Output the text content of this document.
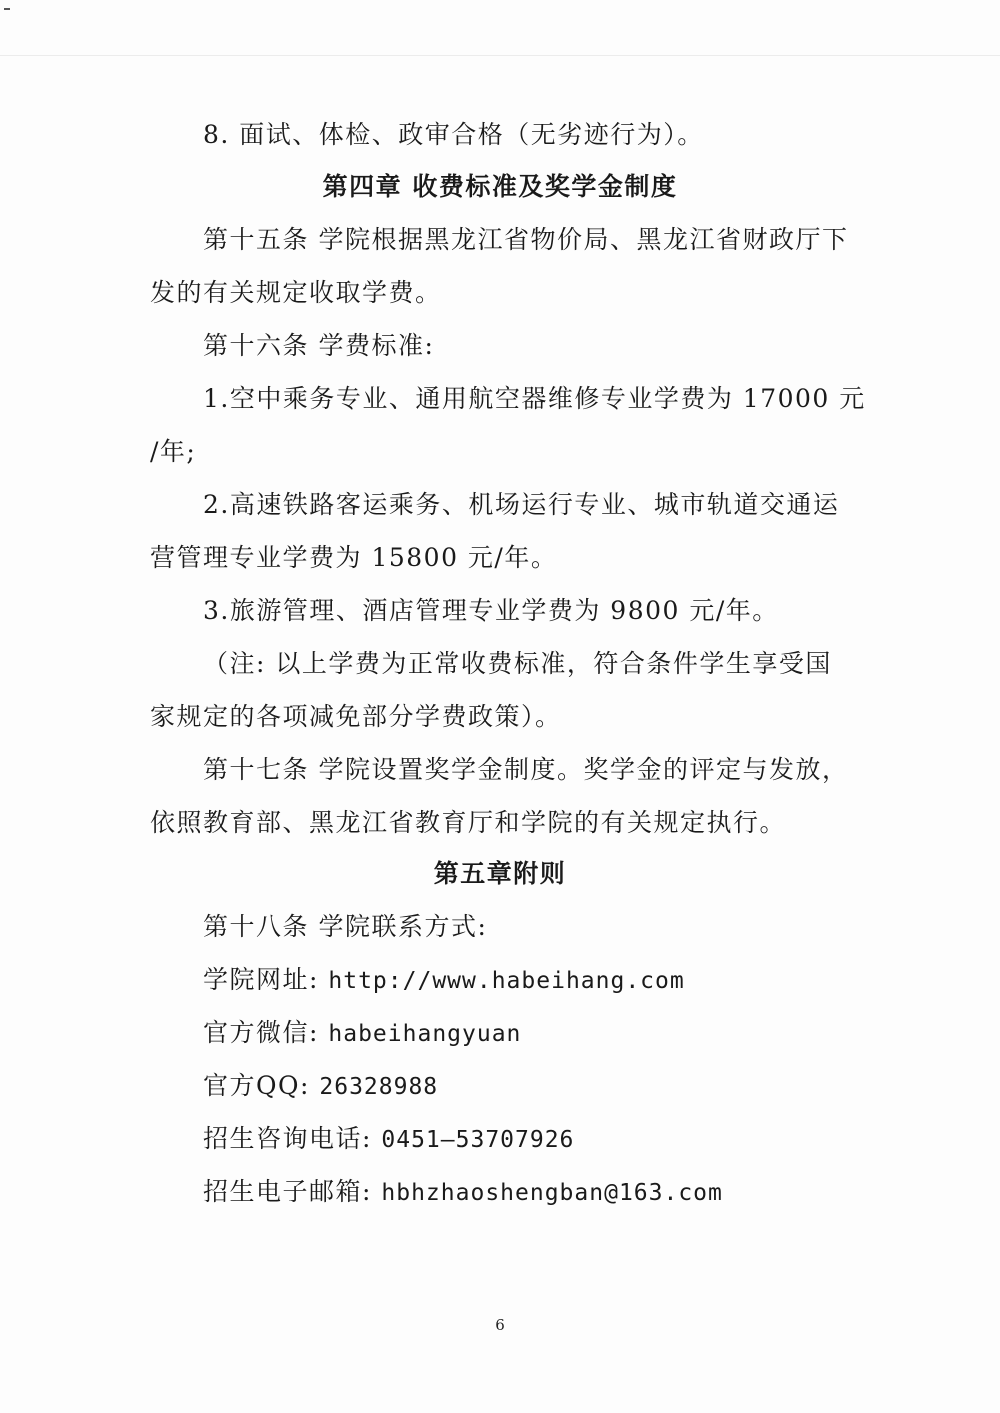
8. 面试、体检、政审合格（无劣迹行为）。
第四章 收费标准及奖学金制度
第十五条 学院根据黑龙江省物价局、黑龙江省财政厅下
发的有关规定收取学费。
第十六条 学费标准:
1.空中乘务专业、通用航空器维修专业学费为 17000 元
/年;
2.高速铁路客运乘务、机场运行专业、城市轨道交通运
营管理专业学费为 15800 元/年。
3.旅游管理、酒店管理专业学费为 9800 元/年。
（注: 以上学费为正常收费标准，符合条件学生享受国
家规定的各项减免部分学费政策）。
第十七条 学院设置奖学金制度。奖学金的评定与发放，
依照教育部、黑龙江省教育厅和学院的有关规定执行。
第五章附则
第十八条 学院联系方式:
学院网址: http://www.habeihang.com
官方微信: habeihangyuan
官方QQ: 26328988
招生咨询电话: 0451—53707926
招生电子邮箱: hbhzhaoshengban@163.com
6
